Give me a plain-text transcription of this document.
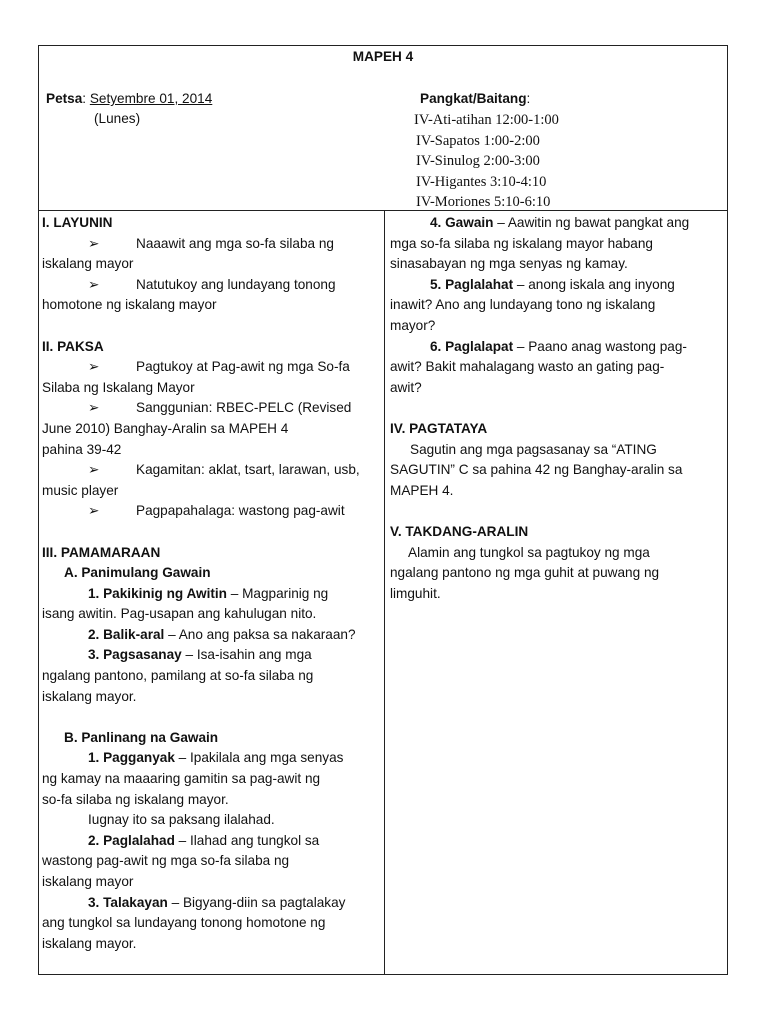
MAPEH 4
Petsa: Setyembre 01, 2014
(Lunes)
Pangkat/Baitang:
IV-Ati-atihan 12:00-1:00
IV-Sapatos 1:00-2:00
IV-Sinulog 2:00-3:00
IV-Higantes 3:10-4:10
IV-Moriones 5:10-6:10
I. LAYUNIN
➢	Naaawit ang mga so-fa silaba ng
iskalang mayor
➢	Natutukoy ang lundayang tonong
homotone ng iskalang mayor
II. PAKSA
➢	Pagtukoy at Pag-awit ng mga So-fa
Silaba ng Iskalang Mayor
➢	Sanggunian: RBEC-PELC (Revised
June 2010) Banghay-Aralin sa MAPEH 4
pahina 39-42
➢	Kagamitan: aklat, tsart, larawan, usb,
music player
➢	Pagpapahalaga: wastong pag-awit
III. PAMAMARAAN
A. Panimulang Gawain
1. Pakikinig ng Awitin – Magparinig ng
isang awitin. Pag-usapan ang kahulugan nito.
2. Balik-aral – Ano ang paksa sa nakaraan?
3. Pagsasanay – Isa-isahin ang mga
ngalang pantono, pamilang at so-fa silaba ng
iskalang mayor.
B. Panlinang na Gawain
1. Pagganyak – Ipakilala ang mga senyas
ng kamay na maaaring gamitin sa pag-awit ng
so-fa silaba ng iskalang mayor.
Iugnay ito sa paksang ilalahad.
2. Paglalahad – Ilahad ang tungkol sa
wastong pag-awit ng mga so-fa silaba ng
iskalang mayor
3. Talakayan – Bigyang-diin sa pagtalakay
ang tungkol sa lundayang tonong homotone ng
iskalang mayor.
4. Gawain – Aawitin ng bawat pangkat ang
mga so-fa silaba ng iskalang mayor habang
sinasabayan ng mga senyas ng kamay.
5. Paglalahat – anong iskala ang inyong
inawit? Ano ang lundayang tono ng iskalang
mayor?
6. Paglalapat – Paano anag wastong pag-
awit? Bakit mahalagang wasto an gating pag-
awit?
IV. PAGTATAYA
Sagutin ang mga pagsasanay sa “ATING
SAGUTIN” C sa pahina 42 ng Banghay-aralin sa
MAPEH 4.
V. TAKDANG-ARALIN
Alamin ang tungkol sa pagtukoy ng mga
ngalang pantono ng mga guhit at puwang ng
limguhit.
